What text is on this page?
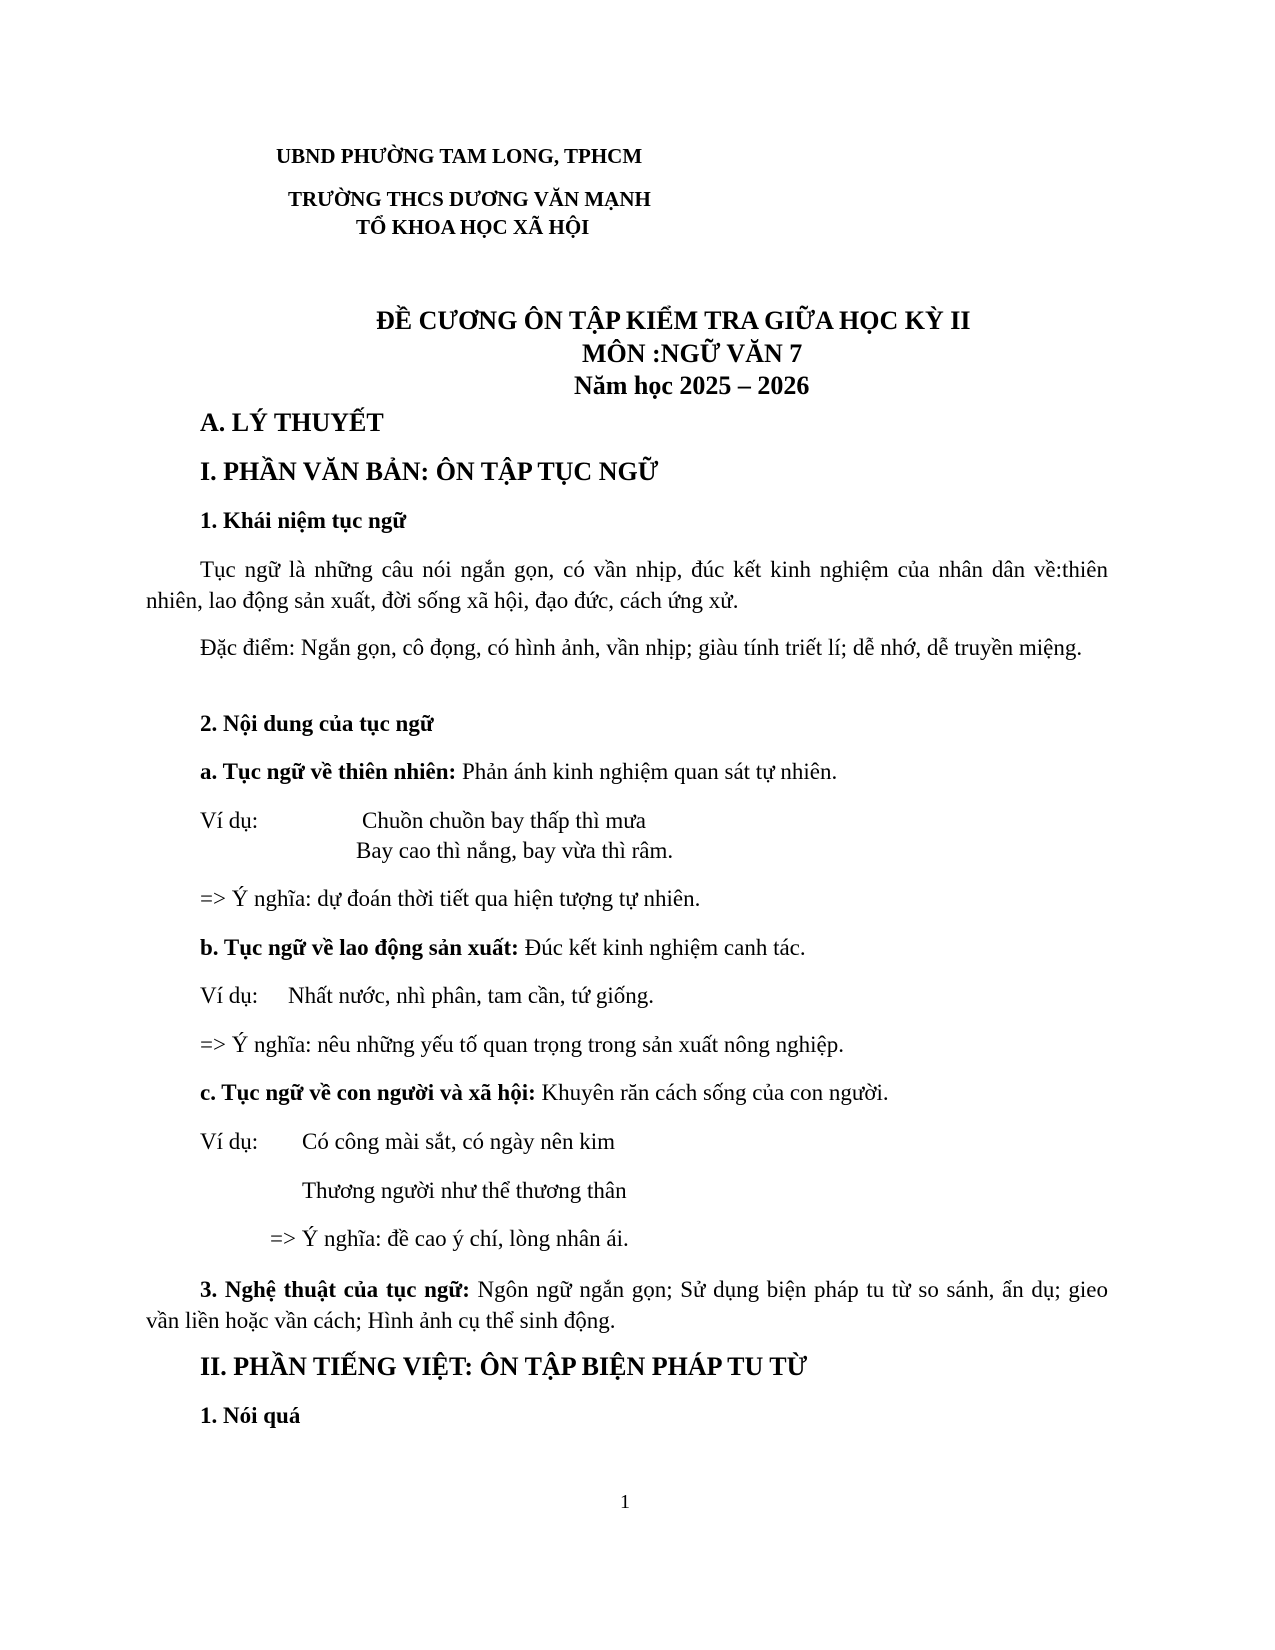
UBND PHƯỜNG TAM LONG, TPHCM
TRƯỜNG THCS DƯƠNG VĂN MẠNH
TỔ KHOA HỌC XÃ HỘI
ĐỀ CƯƠNG ÔN TẬP KIỂM TRA GIỮA HỌC KỲ II
MÔN :NGỮ VĂN 7
Năm học 2025 – 2026
A. LÝ THUYẾT
I. PHẦN VĂN BẢN: ÔN TẬP TỤC NGỮ
1. Khái niệm tục ngữ
Tục ngữ là những câu nói ngắn gọn, có vần nhịp, đúc kết kinh nghiệm của nhân dân về:thiên nhiên, lao động sản xuất, đời sống xã hội, đạo đức, cách ứng xử.
Đặc điểm: Ngắn gọn, cô đọng, có hình ảnh, vần nhịp; giàu tính triết lí; dễ nhớ, dễ truyền miệng.
2. Nội dung của tục ngữ
a. Tục ngữ về thiên nhiên: Phản ánh kinh nghiệm quan sát tự nhiên.
Ví dụ:	Chuồn chuồn bay thấp thì mưa
Bay cao thì nắng, bay vừa thì râm.
=> Ý nghĩa: dự đoán thời tiết qua hiện tượng tự nhiên.
b. Tục ngữ về lao động sản xuất: Đúc kết kinh nghiệm canh tác.
Ví dụ: Nhất nước, nhì phân, tam cần, tứ giống.
=> Ý nghĩa: nêu những yếu tố quan trọng trong sản xuất nông nghiệp.
c. Tục ngữ về con người và xã hội: Khuyên răn cách sống của con người.
Ví dụ: Có công mài sắt, có ngày nên kim
Thương người như thể thương thân
=> Ý nghĩa: đề cao ý chí, lòng nhân ái.
3. Nghệ thuật của tục ngữ: Ngôn ngữ ngắn gọn; Sử dụng biện pháp tu từ so sánh, ẩn dụ; gieo vần liền hoặc vần cách; Hình ảnh cụ thể sinh động.
II. PHẦN TIẾNG VIỆT: ÔN TẬP BIỆN PHÁP TU TỪ
1. Nói quá
1
